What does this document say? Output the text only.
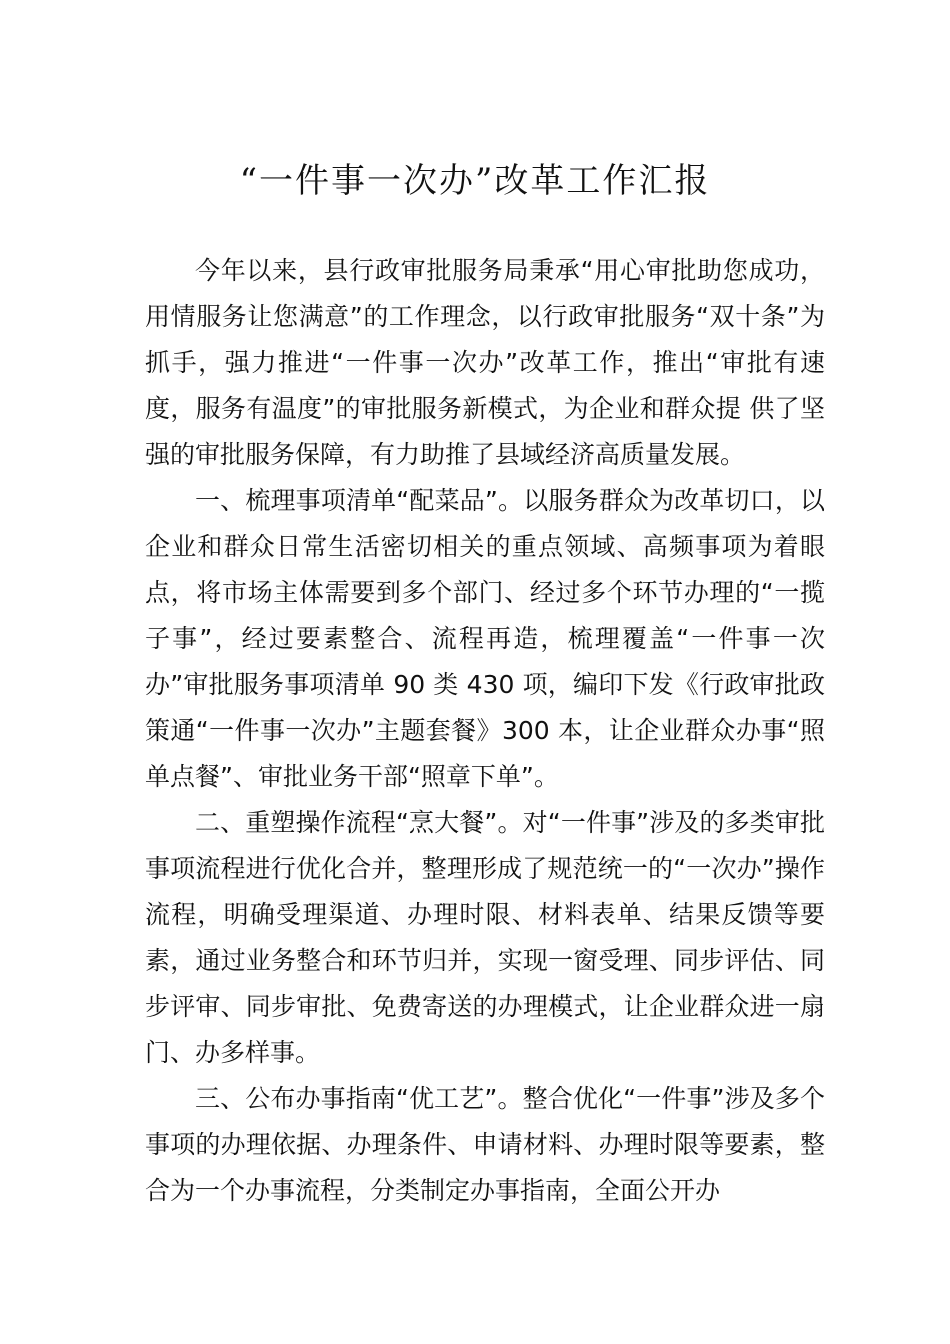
“一件事一次办”改革工作汇报

今年以来，县行政审批服务局秉承“用心审批助您成功，用情服务让您满意”的工作理念，以行政审批服务“双十条”为抓手，强力推进“一件事一次办”改革工作，推出“审批有速度，服务有温度”的审批服务新模式，为企业和群众提 供了坚强的审批服务保障，有力助推了县域经济高质量发展。

一、梳理事项清单“配菜品”。以服务群众为改革切口，以企业和群众日常生活密切相关的重点领域、高频事项为着眼点，将市场主体需要到多个部门、经过多个环节办理的“一揽子事”，经过要素整合、流程再造，梳理覆盖“一件事一次办”审批服务事项清单 90 类 430 项，编印下发《行政审批政策通“一件事一次办”主题套餐》300 本，让企业群众办事“照单点餐”、审批业务干部“照章下单”。

二、重塑操作流程“烹大餐”。对“一件事”涉及的多类审批事项流程进行优化合并，整理形成了规范统一的“一次办”操作流程，明确受理渠道、办理时限、材料表单、结果反馈等要素，通过业务整合和环节归并，实现一窗受理、同步评估、同步评审、同步审批、免费寄送的办理模式，让企业群众进一扇门、办多样事。

三、公布办事指南“优工艺”。整合优化“一件事”涉及多个事项的办理依据、办理条件、申请材料、办理时限等要素，整合为一个办事流程，分类制定办事指南，全面公开办
